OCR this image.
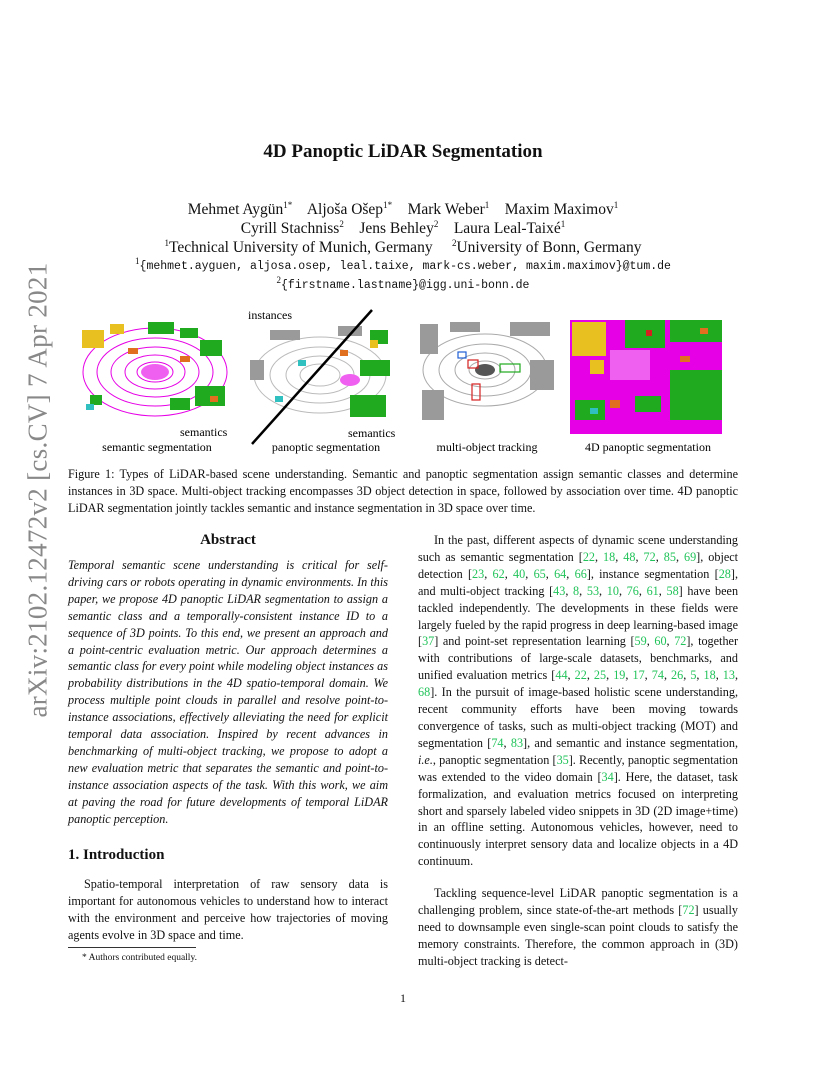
arXiv:2102.12472v2 [cs.CV] 7 Apr 2021
4D Panoptic LiDAR Segmentation
Mehmet Aygün$^{1*}$ Aljoša Ošep$^{1*}$ Mark Weber$^1$ Maxim Maximov$^1$
Cyrill Stachniss$^2$ Jens Behley$^2$ Laura Leal-Taixé$^1$
$^1$Technical University of Munich, Germany $^2$University of Bonn, Germany
$^1${mehmet.ayguen, aljosa.osep, leal.taixe, mark-cs.weber, maxim.maximov}@tum.de
$^2${firstname.lastname}@igg.uni-bonn.de
semantics
instances
semantics
semantic segmentation	panoptic segmentation	multi-object tracking	4D panoptic segmentation
Figure 1: Types of LiDAR-based scene understanding. Semantic and panoptic segmentation assign semantic classes and determine instances in 3D space. Multi-object tracking encompasses 3D object detection in space, followed by association over time. 4D panoptic LiDAR segmentation jointly tackles semantic and instance segmentation in 3D space over time.
Abstract
Temporal semantic scene understanding is critical for self-driving cars or robots operating in dynamic environments. In this paper, we propose 4D panoptic LiDAR segmentation to assign a semantic class and a temporally-consistent instance ID to a sequence of 3D points. To this end, we present an approach and a point-centric evaluation metric. Our approach determines a semantic class for every point while modeling object instances as probability distributions in the 4D spatio-temporal domain. We process multiple point clouds in parallel and resolve point-to-instance associations, effectively alleviating the need for explicit temporal data association. Inspired by recent advances in benchmarking of multi-object tracking, we propose to adopt a new evaluation metric that separates the semantic and point-to-instance association aspects of the task. With this work, we aim at paving the road for future developments of temporal LiDAR panoptic perception.
1. Introduction
Spatio-temporal interpretation of raw sensory data is important for autonomous vehicles to understand how to interact with the environment and perceive how trajectories of moving agents evolve in 3D space and time.
* Authors contributed equally.

In the past, different aspects of dynamic scene understanding such as semantic segmentation [22, 18, 48, 72, 85, 69], object detection [23, 62, 40, 65, 64, 66], instance segmentation [28], and multi-object tracking [43, 8, 53, 10, 76, 61, 58] have been tackled independently. The developments in these fields were largely fueled by the rapid progress in deep learning-based image [37] and point-set representation learning [59, 60, 72], together with contributions of large-scale datasets, benchmarks, and unified evaluation metrics [44, 22, 25, 19, 17, 74, 26, 5, 18, 13, 68]. In the pursuit of image-based holistic scene understanding, recent community efforts have been moving towards convergence of tasks, such as multi-object tracking (MOT) and segmentation [74, 83], and semantic and instance segmentation, i.e., panoptic segmentation [35]. Recently, panoptic segmentation was extended to the video domain [34]. Here, the dataset, task formalization, and evaluation metrics focused on interpreting short and sparsely labeled video snippets in 3D (2D image+time) in an offline setting. Autonomous vehicles, however, need to continuously interpret sensory data and localize objects in a 4D continuum.

Tackling sequence-level LiDAR panoptic segmentation is a challenging problem, since state-of-the-art methods [72] usually need to downsample even single-scan point clouds to satisfy the memory constraints. Therefore, the common approach in (3D) multi-object tracking is detect-

1
